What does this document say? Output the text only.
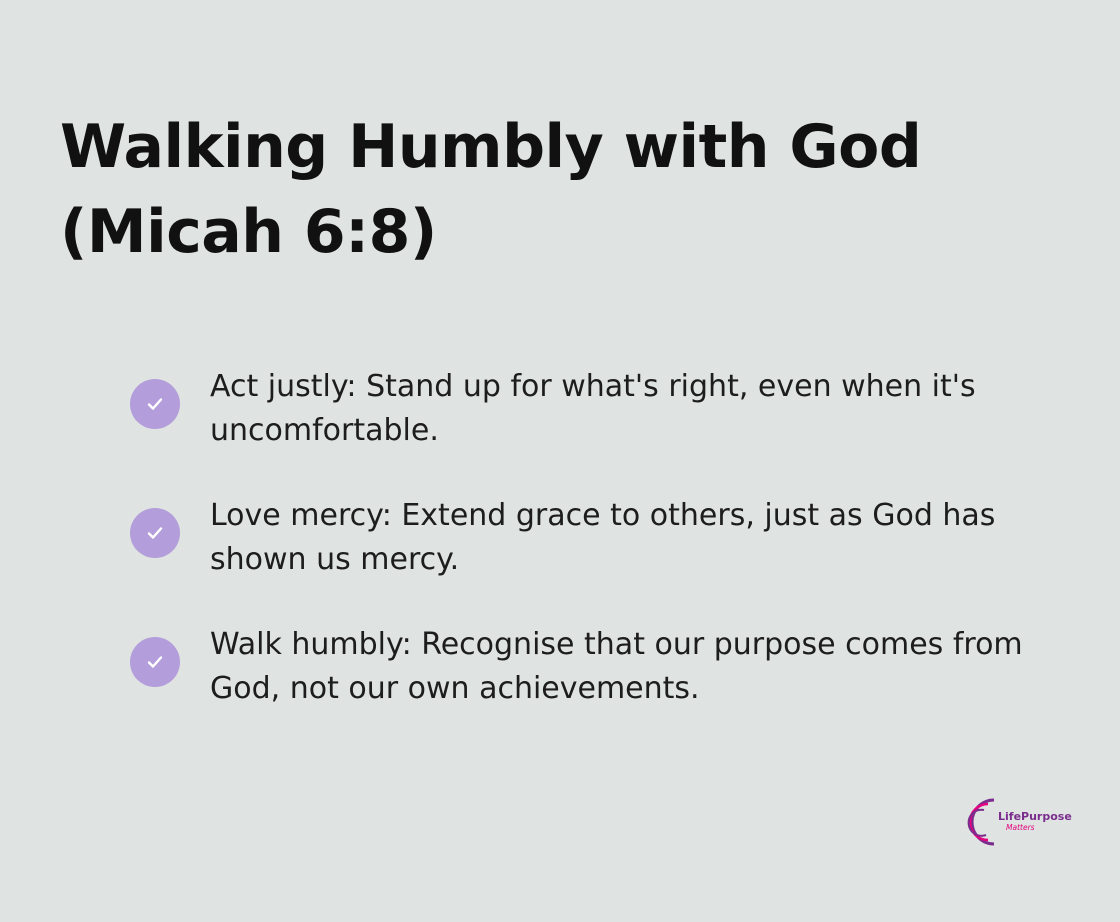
Walking Humbly with God (Micah 6:8)
Act justly: Stand up for what's right, even when it's uncomfortable.
Love mercy: Extend grace to others, just as God has shown us mercy.
Walk humbly: Recognise that our purpose comes from God, not our own achievements.
LifePurpose
Matters
